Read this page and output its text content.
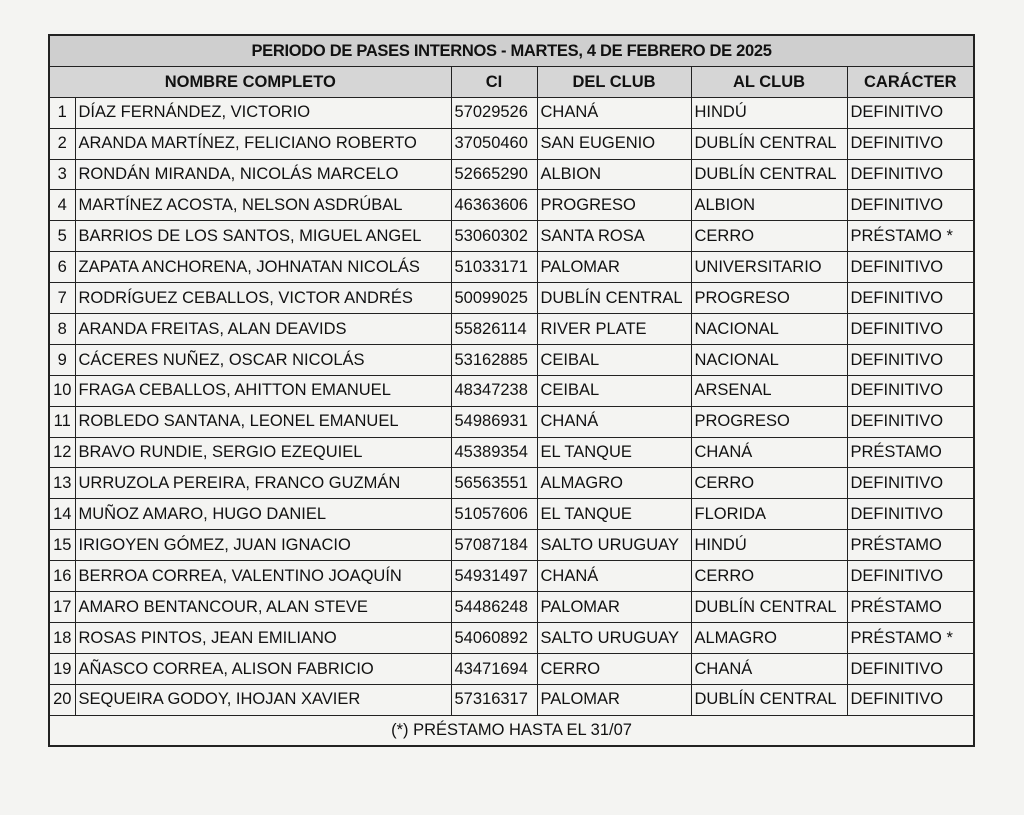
PERIODO DE PASES INTERNOS - MARTES, 4 DE FEBRERO DE 2025					
NOMBRE COMPLETO		CI	DEL CLUB	AL CLUB	CARÁCTER
1	DÍAZ FERNÁNDEZ, VICTORIO	57029526	CHANÁ	HINDÚ	DEFINITIVO
2	ARANDA MARTÍNEZ, FELICIANO ROBERTO	37050460	SAN EUGENIO	DUBLÍN CENTRAL	DEFINITIVO
3	RONDÁN MIRANDA, NICOLÁS MARCELO	52665290	ALBION	DUBLÍN CENTRAL	DEFINITIVO
4	MARTÍNEZ ACOSTA, NELSON ASDRÚBAL	46363606	PROGRESO	ALBION	DEFINITIVO
5	BARRIOS DE LOS SANTOS, MIGUEL ANGEL	53060302	SANTA ROSA	CERRO	PRÉSTAMO *
6	ZAPATA ANCHORENA, JOHNATAN NICOLÁS	51033171	PALOMAR	UNIVERSITARIO	DEFINITIVO
7	RODRÍGUEZ CEBALLOS, VICTOR ANDRÉS	50099025	DUBLÍN CENTRAL	PROGRESO	DEFINITIVO
8	ARANDA FREITAS, ALAN DEAVIDS	55826114	RIVER PLATE	NACIONAL	DEFINITIVO
9	CÁCERES NUÑEZ, OSCAR NICOLÁS	53162885	CEIBAL	NACIONAL	DEFINITIVO
10	FRAGA CEBALLOS, AHITTON EMANUEL	48347238	CEIBAL	ARSENAL	DEFINITIVO
11	ROBLEDO SANTANA, LEONEL EMANUEL	54986931	CHANÁ	PROGRESO	DEFINITIVO
12	BRAVO RUNDIE, SERGIO EZEQUIEL	45389354	EL TANQUE	CHANÁ	PRÉSTAMO
13	URRUZOLA PEREIRA, FRANCO GUZMÁN	56563551	ALMAGRO	CERRO	DEFINITIVO
14	MUÑOZ AMARO, HUGO DANIEL	51057606	EL TANQUE	FLORIDA	DEFINITIVO
15	IRIGOYEN GÓMEZ, JUAN IGNACIO	57087184	SALTO URUGUAY	HINDÚ	PRÉSTAMO
16	BERROA CORREA, VALENTINO JOAQUÍN	54931497	CHANÁ	CERRO	DEFINITIVO
17	AMARO BENTANCOUR, ALAN STEVE	54486248	PALOMAR	DUBLÍN CENTRAL	PRÉSTAMO
18	ROSAS PINTOS, JEAN EMILIANO	54060892	SALTO URUGUAY	ALMAGRO	PRÉSTAMO *
19	AÑASCO CORREA, ALISON FABRICIO	43471694	CERRO	CHANÁ	DEFINITIVO
20	SEQUEIRA GODOY, IHOJAN XAVIER	57316317	PALOMAR	DUBLÍN CENTRAL	DEFINITIVO
(*) PRÉSTAMO HASTA EL 31/07					
